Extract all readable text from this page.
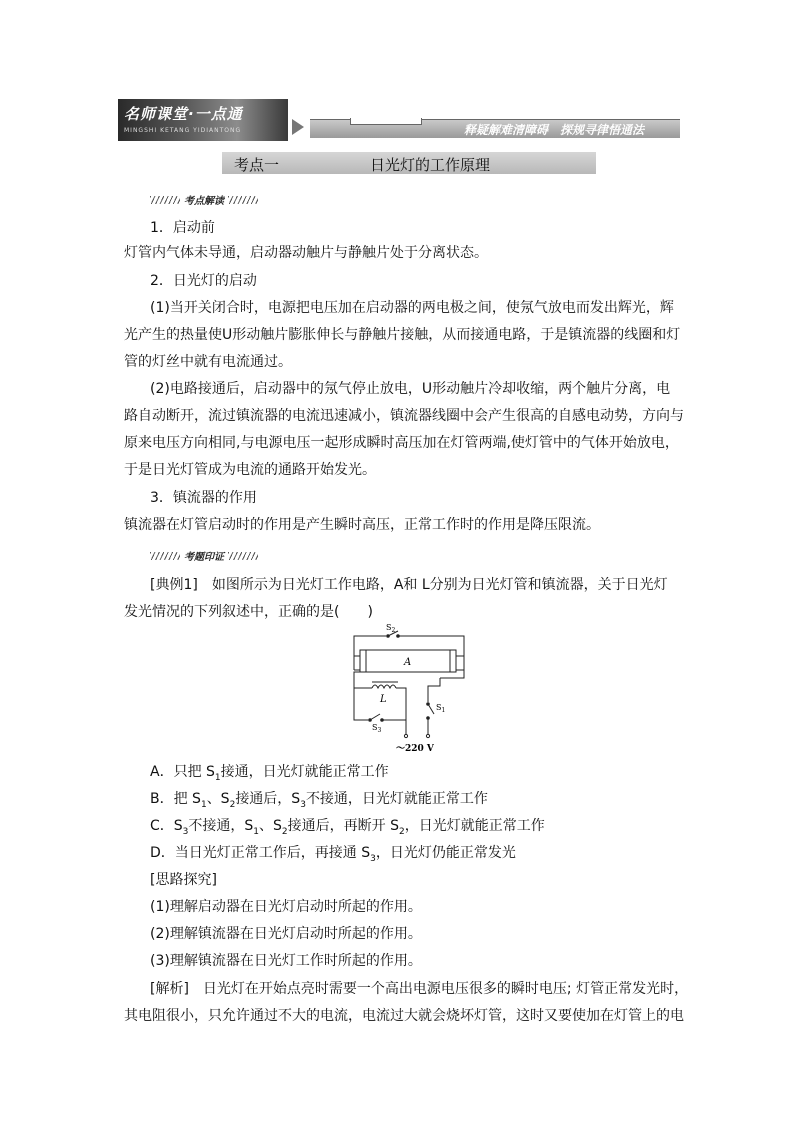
名师课堂·一点通
MINGSHI KETANG YIDIANTONG	释疑解难清障碍　探规寻律悟通法
考点一	日光灯的工作原理
考点解读
1．启动前
灯管内气体未导通，启动器动触片与静触片处于分离状态。
2．日光灯的启动
(1)当开关闭合时，电源把电压加在启动器的两电极之间，使氖气放电而发出辉光，辉
光产生的热量使U形动触片膨胀伸长与静触片接触，从而接通电路，于是镇流器的线圈和灯
管的灯丝中就有电流通过。
(2)电路接通后，启动器中的氖气停止放电，U形动触片冷却收缩，两个触片分离，电
路自动断开，流过镇流器的电流迅速减小，镇流器线圈中会产生很高的自感电动势，方向与
原来电压方向相同,与电源电压一起形成瞬时高压加在灯管两端,使灯管中的气体开始放电，
于是日光灯管成为电流的通路开始发光。
3．镇流器的作用
镇流器在灯管启动时的作用是产生瞬时高压，正常工作时的作用是降压限流。
考题印证
[典例1]　如图所示为日光灯工作电路，A和 L分别为日光灯管和镇流器，关于日光灯
发光情况的下列叙述中，正确的是(　　)
A
L
$S_2$
$S_3$
$S_1$
～220 V
A．只把 $S_1$接通，日光灯就能正常工作
B．把 $S_1$、$S_2$接通后，$S_3$不接通，日光灯就能正常工作
C．$S_3$不接通，$S_1$、$S_2$接通后，再断开 $S_2$，日光灯就能正常工作
D．当日光灯正常工作后，再接通 $S_3$，日光灯仍能正常发光
[思路探究]
(1)理解启动器在日光灯启动时所起的作用。
(2)理解镇流器在日光灯启动时所起的作用。
(3)理解镇流器在日光灯工作时所起的作用。
[解析]　日光灯在开始点亮时需要一个高出电源电压很多的瞬时电压; 灯管正常发光时，
其电阻很小，只允许通过不大的电流，电流过大就会烧坏灯管，这时又要使加在灯管上的电
